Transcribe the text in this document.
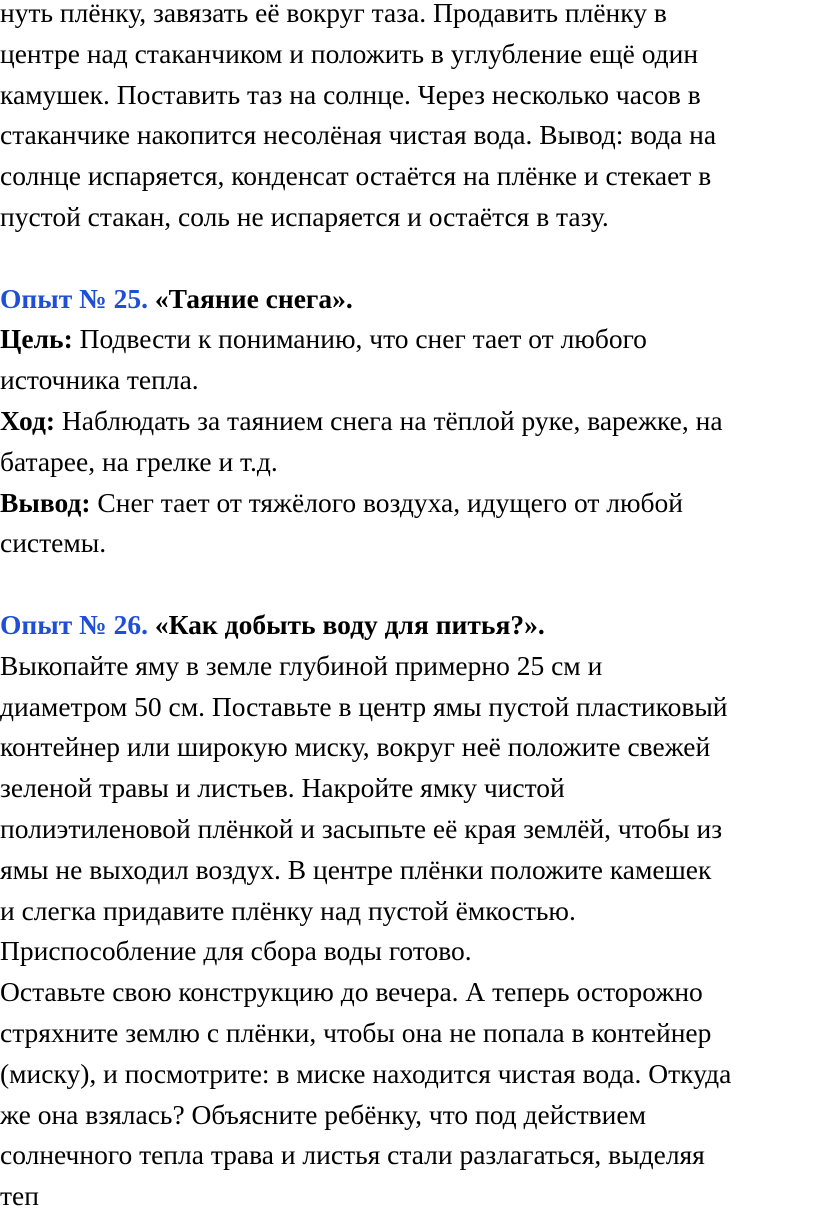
нуть плёнку, завязать её вокруг таза. Продавить плёнку в
центре над стаканчиком и положить в углубление ещё один
камушек. Поставить таз на солнце. Через несколько часов в
стаканчике накопится несолёная чистая вода. Вывод: вода на
солнце испаряется, конденсат остаётся на плёнке и стекает в
пустой стакан, соль не испаряется и остаётся в тазу.
Опыт № 25. «Таяние снега».
Цель: Подвести к пониманию, что снег тает от любого
источника тепла.
Ход: Наблюдать за таянием снега на тёплой руке, варежке, на
батарее, на грелке и т.д.
Вывод: Снег тает от тяжёлого воздуха, идущего от любой
системы.
Опыт № 26. «Как добыть воду для питья?».
Выкопайте яму в земле глубиной примерно 25 см и
диаметром 50 см. Поставьте в центр ямы пустой пластиковый
контейнер или широкую миску, вокруг неё положите свежей
зеленой травы и листьев. Накройте ямку чистой
полиэтиленовой плёнкой и засыпьте её края землёй, чтобы из
ямы не выходил воздух. В центре плёнки положите камешек
и слегка придавите плёнку над пустой ёмкостью.
Приспособление для сбора воды готово.
Оставьте свою конструкцию до вечера. А теперь осторожно
стряхните землю с плёнки, чтобы она не попала в контейнер
(миску), и посмотрите: в миске находится чистая вода. Откуда
же она взялась? Объясните ребёнку, что под действием
солнечного тепла трава и листья стали разлагаться, выделяя
теп
